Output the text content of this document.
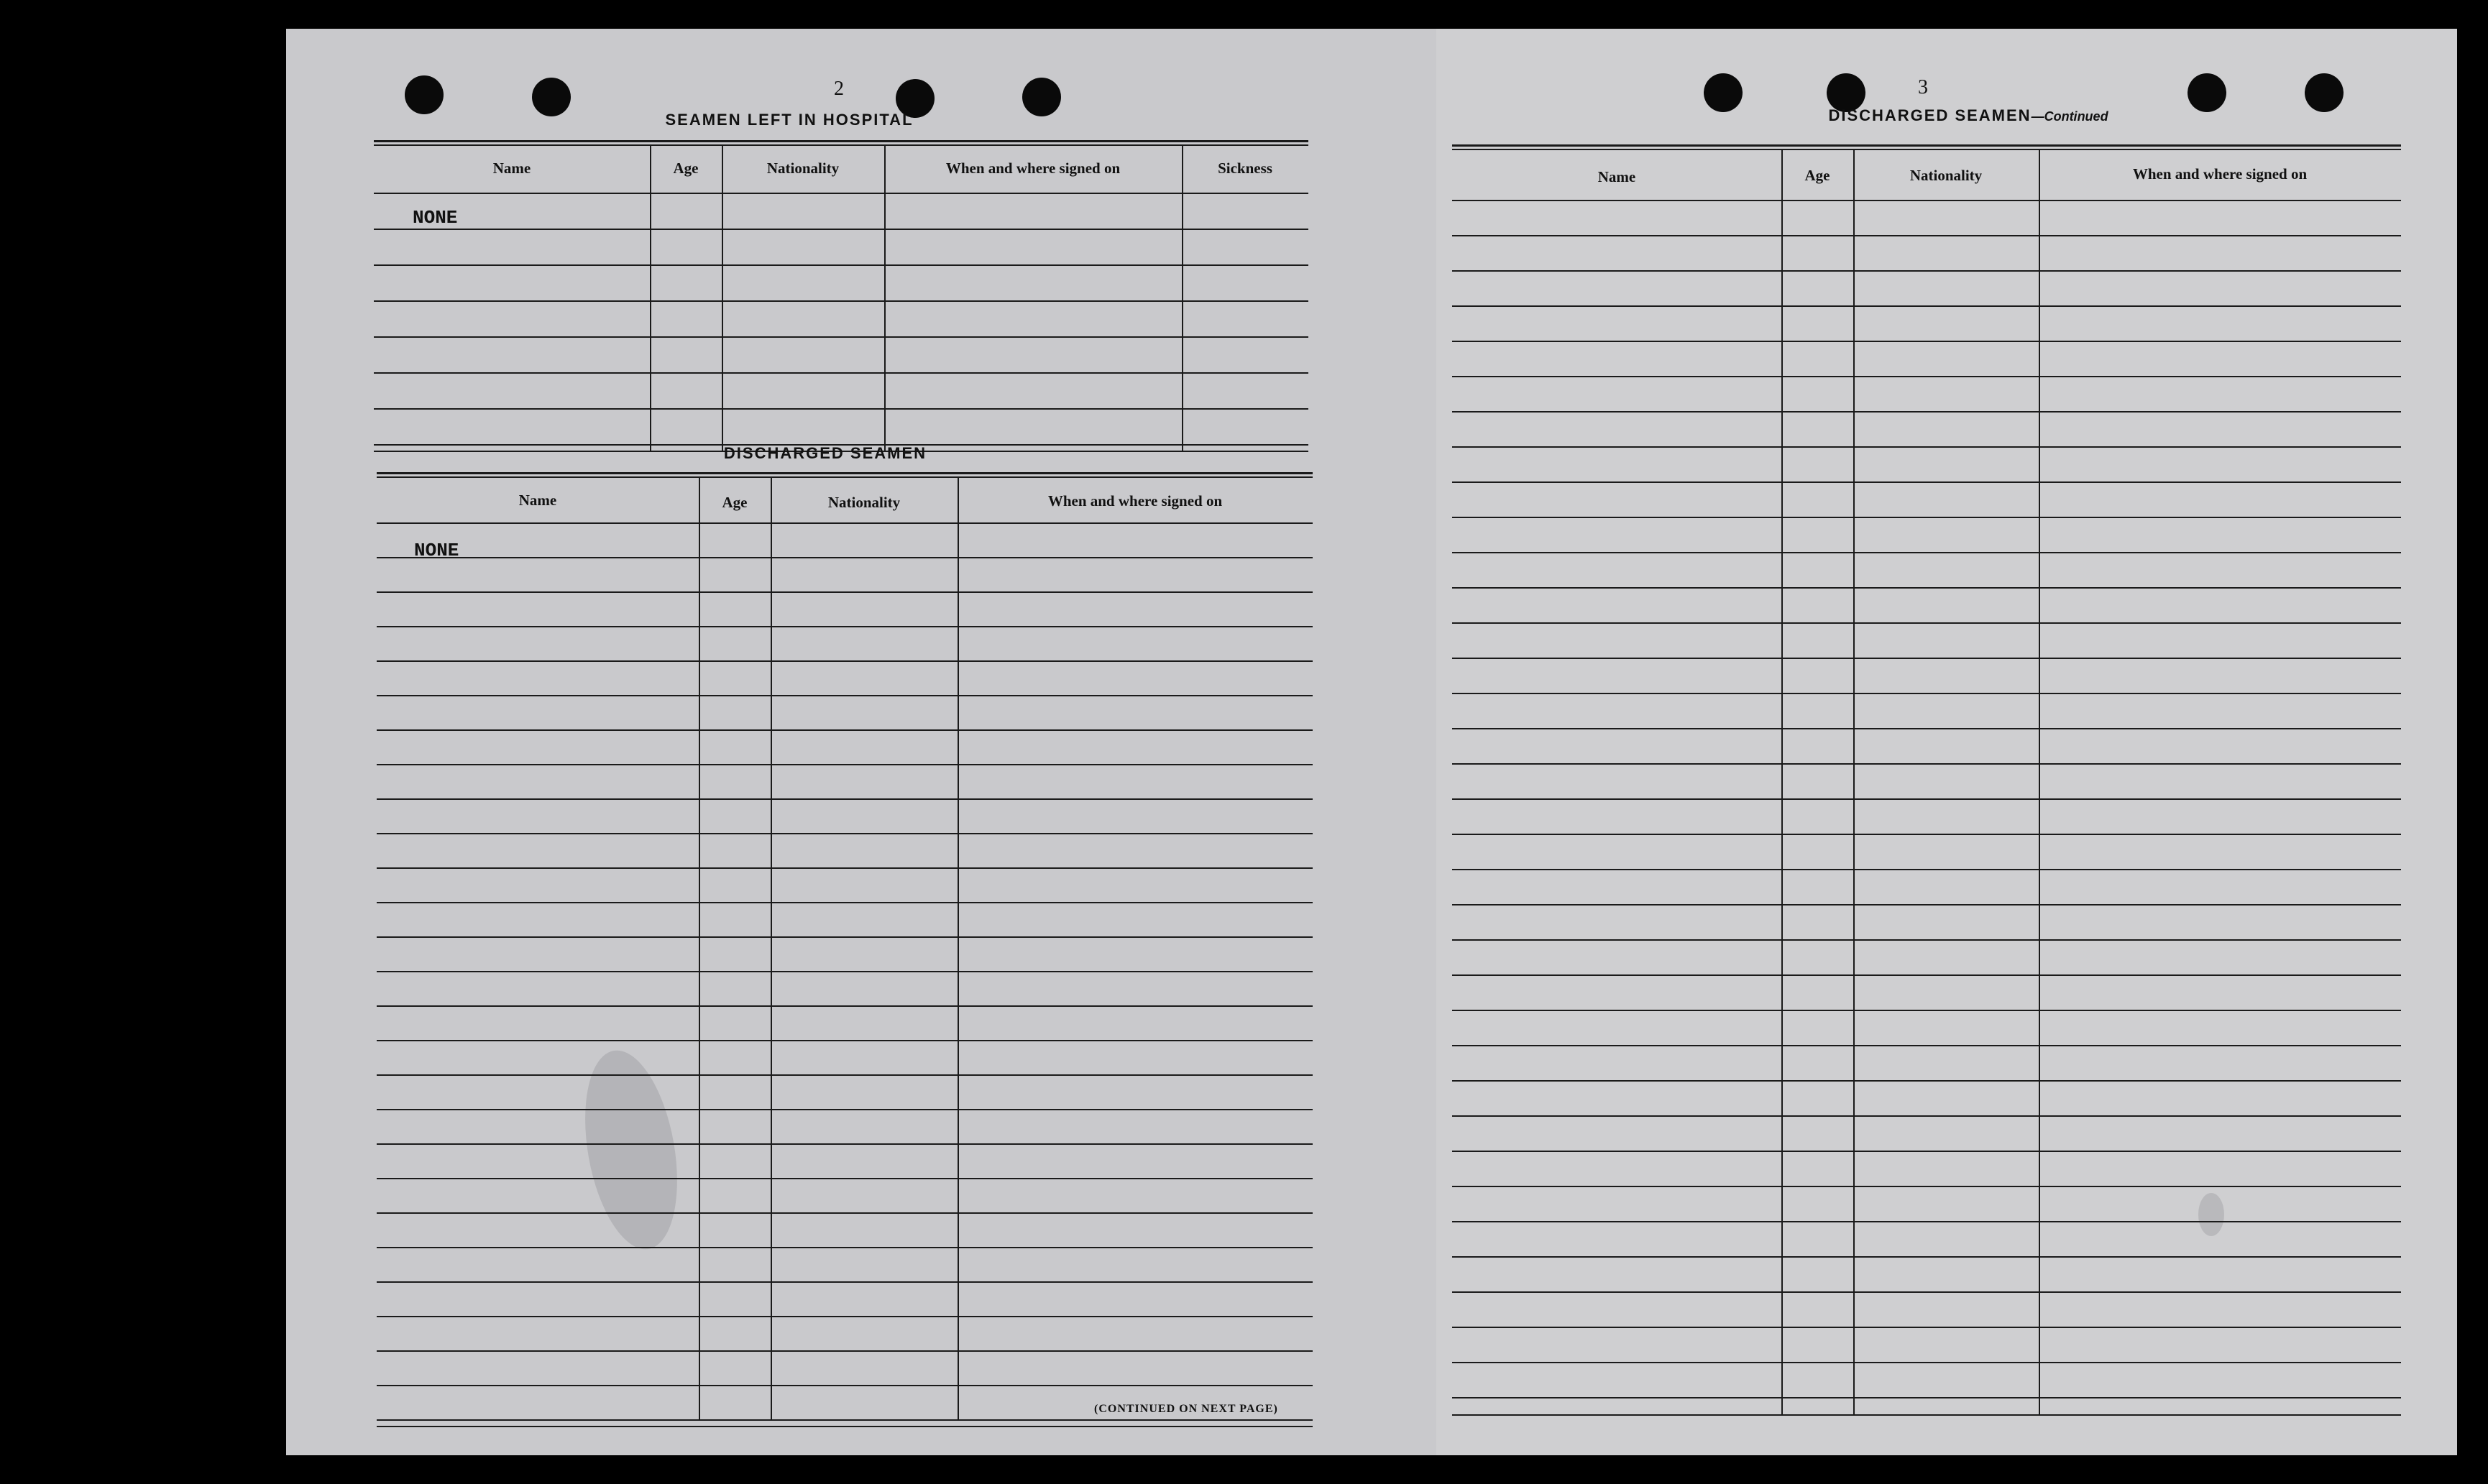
2
SEAMEN LEFT IN HOSPITAL
Name	Age	Nationality	When and where signed on	Sickness
NONE
DISCHARGED SEAMEN
Name	Age	Nationality	When and where signed on
NONE
(CONTINUED ON NEXT PAGE)
3
DISCHARGED SEAMEN—Continued
Name	Age	Nationality	When and where signed on
